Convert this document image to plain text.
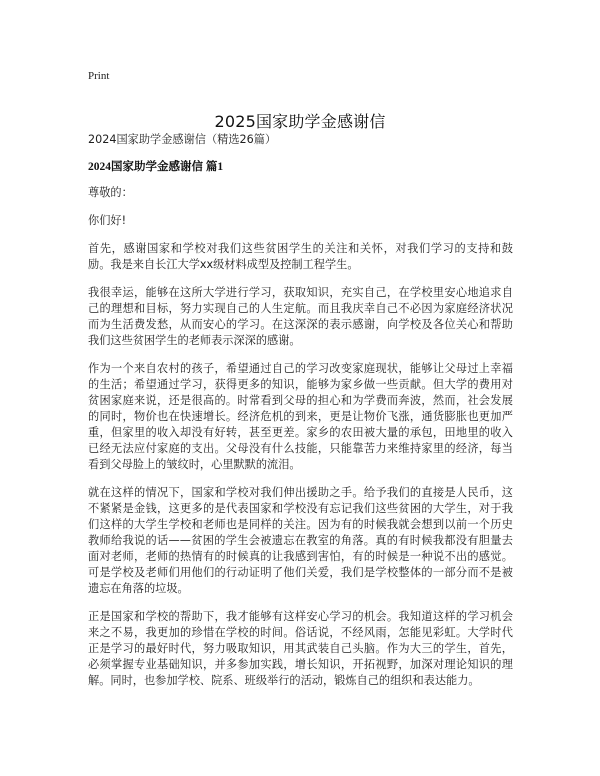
Print
2025国家助学金感谢信

2024国家助学金感谢信（精选26篇）

2024国家助学金感谢信 篇1

尊敬的：

你们好!

首先，感谢国家和学校对我们这些贫困学生的关注和关怀，对我们学习的支持和鼓励。我是来自长江大学xx级材料成型及控制工程学生。

我很幸运，能够在这所大学进行学习，获取知识，充实自己，在学校里安心地追求自己的理想和目标，努力实现自己的人生定航。而且我庆幸自己不必因为家庭经济状况而为生活费发愁，从而安心的学习。在这深深的表示感谢，向学校及各位关心和帮助我们这些贫困学生的老师表示深深的感谢。

作为一个来自农村的孩子，希望通过自己的学习改变家庭现状，能够让父母过上幸福的生活；希望通过学习，获得更多的知识，能够为家乡做一些贡献。但大学的费用对贫困家庭来说，还是很高的。时常看到父母的担心和为学费而奔波，然而，社会发展的同时，物价也在快速增长。经济危机的到来，更是让物价飞涨，通货膨胀也更加严重，但家里的收入却没有好转，甚至更差。家乡的农田被大量的承包，田地里的收入已经无法应付家庭的支出。父母没有什么技能，只能靠苦力来维持家里的经济，每当看到父母脸上的皱纹时，心里默默的流泪。

就在这样的情况下，国家和学校对我们伸出援助之手。给予我们的直接是人民币，这不紧紧是金钱，这更多的是代表国家和学校没有忘记我们这些贫困的大学生，对于我们这样的大学生学校和老师也是同样的关注。因为有的时候我就会想到以前一个历史教师给我说的话——贫困的学生会被遗忘在教室的角落。真的有时候我都没有胆量去面对老师，老师的热情有的时候真的让我感到害怕，有的时候是一种说不出的感觉。可是学校及老师们用他们的行动证明了他们关爱，我们是学校整体的一部分而不是被遗忘在角落的垃圾。

正是国家和学校的帮助下，我才能够有这样安心学习的机会。我知道这样的学习机会来之不易，我更加的珍惜在学校的时间。俗话说，不经风雨，怎能见彩虹。大学时代正是学习的最好时代，努力吸取知识，用其武装自己头脑。作为大三的学生，首先，必须掌握专业基础知识，并多参加实践，增长知识，开拓视野，加深对理论知识的理解。同时，也参加学校、院系、班级举行的活动，锻炼自己的组织和表达能力。
